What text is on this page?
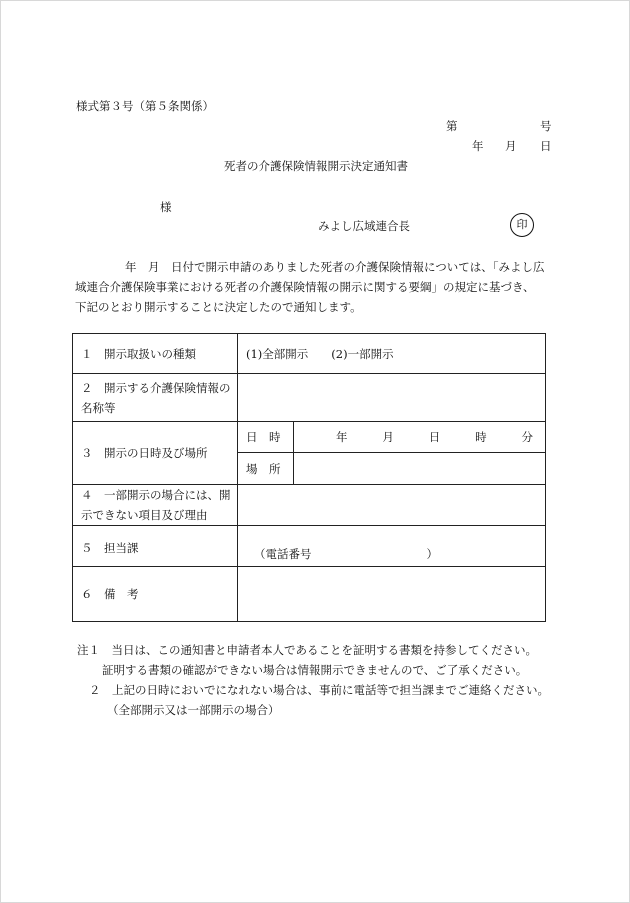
様式第３号（第５条関係）
第	号
年 月 日
死者の介護保険情報開示決定通知書
様
みよし広域連合長	印
年　月　日付で開示申請のありました死者の介護保険情報については、「みよし広
域連合介護保険事業における死者の介護保険情報の開示に関する要綱」の規定に基づき、
下記のとおり開示することに決定したので通知します。
１　開示取扱いの種類	(1)全部開示　　(2)一部開示	

２　開示する介護保険情報の
名称等		

３　開示の日時及び場所	日　時	年 月 日 時 分

	場　所	

４　一部開示の場合には、開
示できない項目及び理由		

５　担当課	（電話番号　　　　　　　　　　）	
６　備　考		
注１　当日は、この通知書と申請者本人であることを証明する書類を持参してください。
証明する書類の確認ができない場合は情報開示できませんので、ご了承ください。
２　上記の日時においでになれない場合は、事前に電話等で担当課までご連絡ください。
（全部開示又は一部開示の場合）
